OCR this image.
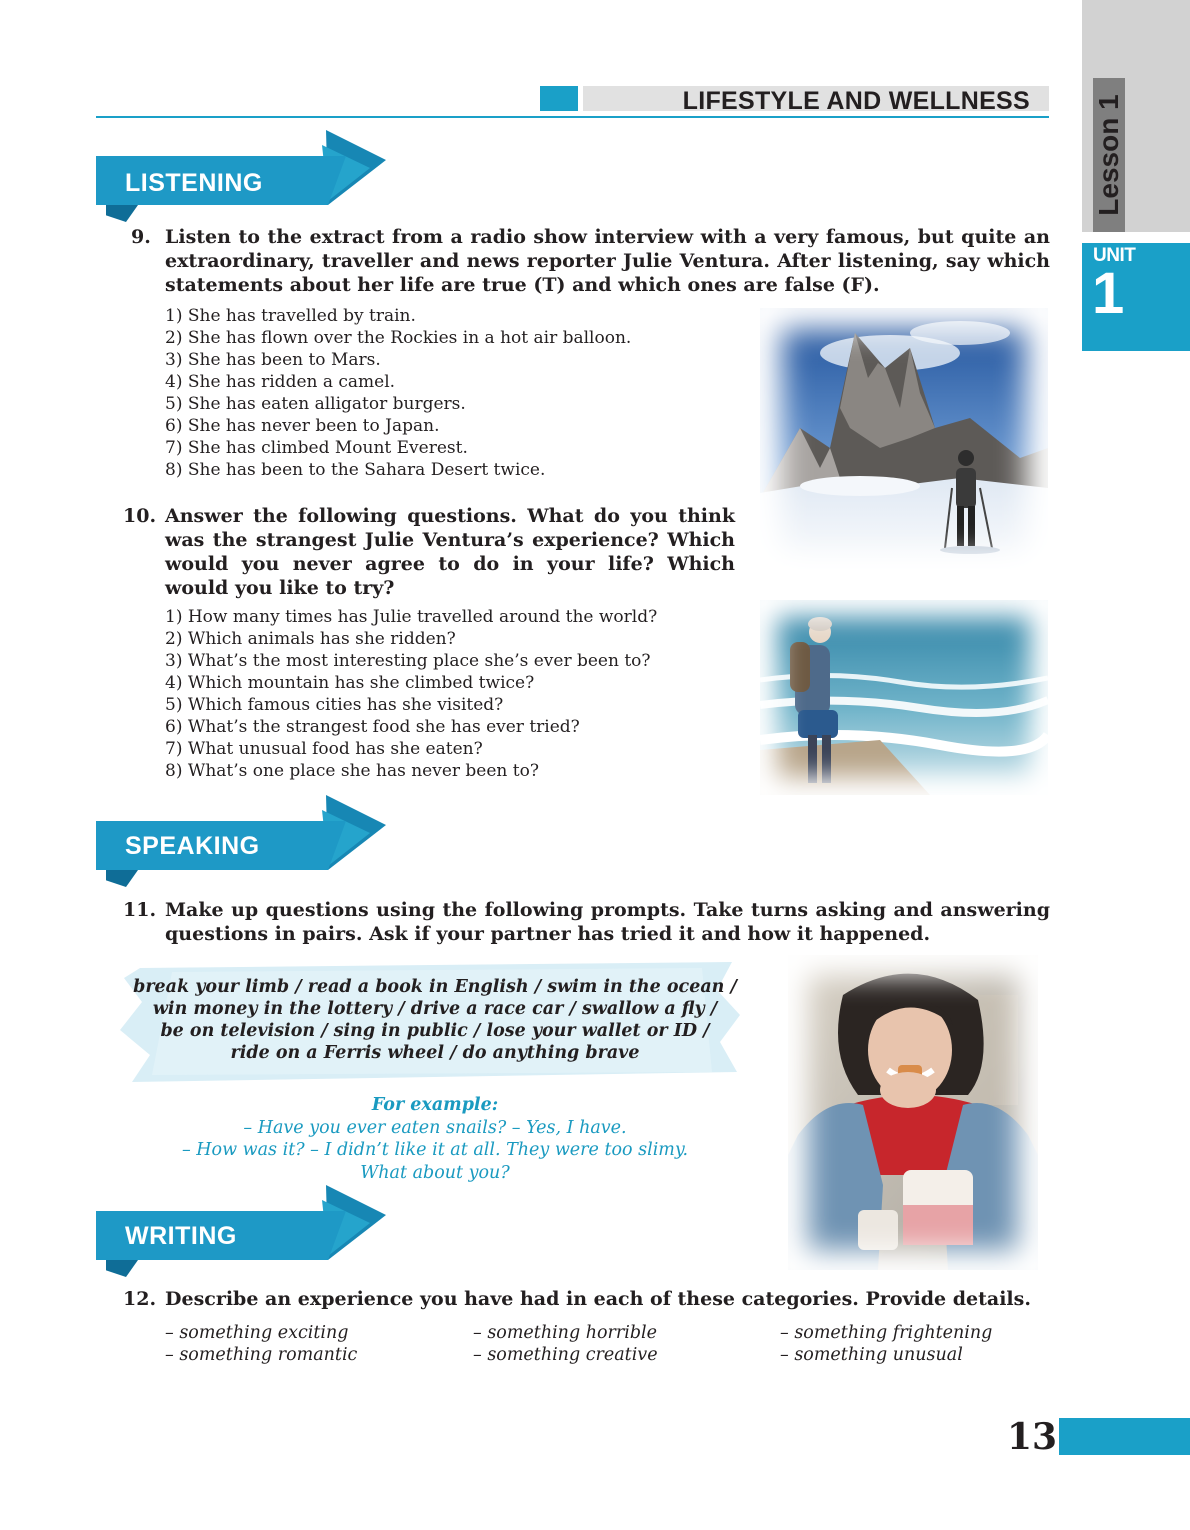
LIFESTYLE AND WELLNESS Lesson 1
UNIT
1
LISTENING
9. Listen to the extract from a radio show interview with a very famous, but quite an extraordinary, traveller and news reporter Julie Ventura. After listening, say which statements about her life are true (T) and which ones are false (F).
1) She has travelled by train.
2) She has flown over the Rockies in a hot air balloon.
3) She has been to Mars.
4) She has ridden a camel.
5) She has eaten alligator burgers.
6) She has never been to Japan.
7) She has climbed Mount Everest.
8) She has been to the Sahara Desert twice.
10. Answer the following questions. What do you think was the strangest Julie Ventura’s experience? Which would you never agree to do in your life? Which would you like to try?
1) How many times has Julie travelled around the world?
2) Which animals has she ridden?
3) What’s the most interesting place she’s ever been to?
4) Which mountain has she climbed twice?
5) Which famous cities has she visited?
6) What’s the strangest food she has ever tried?
7) What unusual food has she eaten?
8) What’s one place she has never been to?
SPEAKING
11. Make up questions using the following prompts. Take turns asking and answering questions in pairs. Ask if your partner has tried it and how it happened.
break your limb / read a book in English / swim in the ocean /
win money in the lottery / drive a race car / swallow a fly /
be on television / sing in public / lose your wallet or ID /
ride on a Ferris wheel / do anything brave
For example:
– Have you ever eaten snails? – Yes, I have.
– How was it? – I didn’t like it at all. They were too slimy.
What about you?
WRITING
12. Describe an experience you have had in each of these categories. Provide details.
– something exciting
– something romantic
– something horrible
– something creative
– something frightening
– something unusual
13
